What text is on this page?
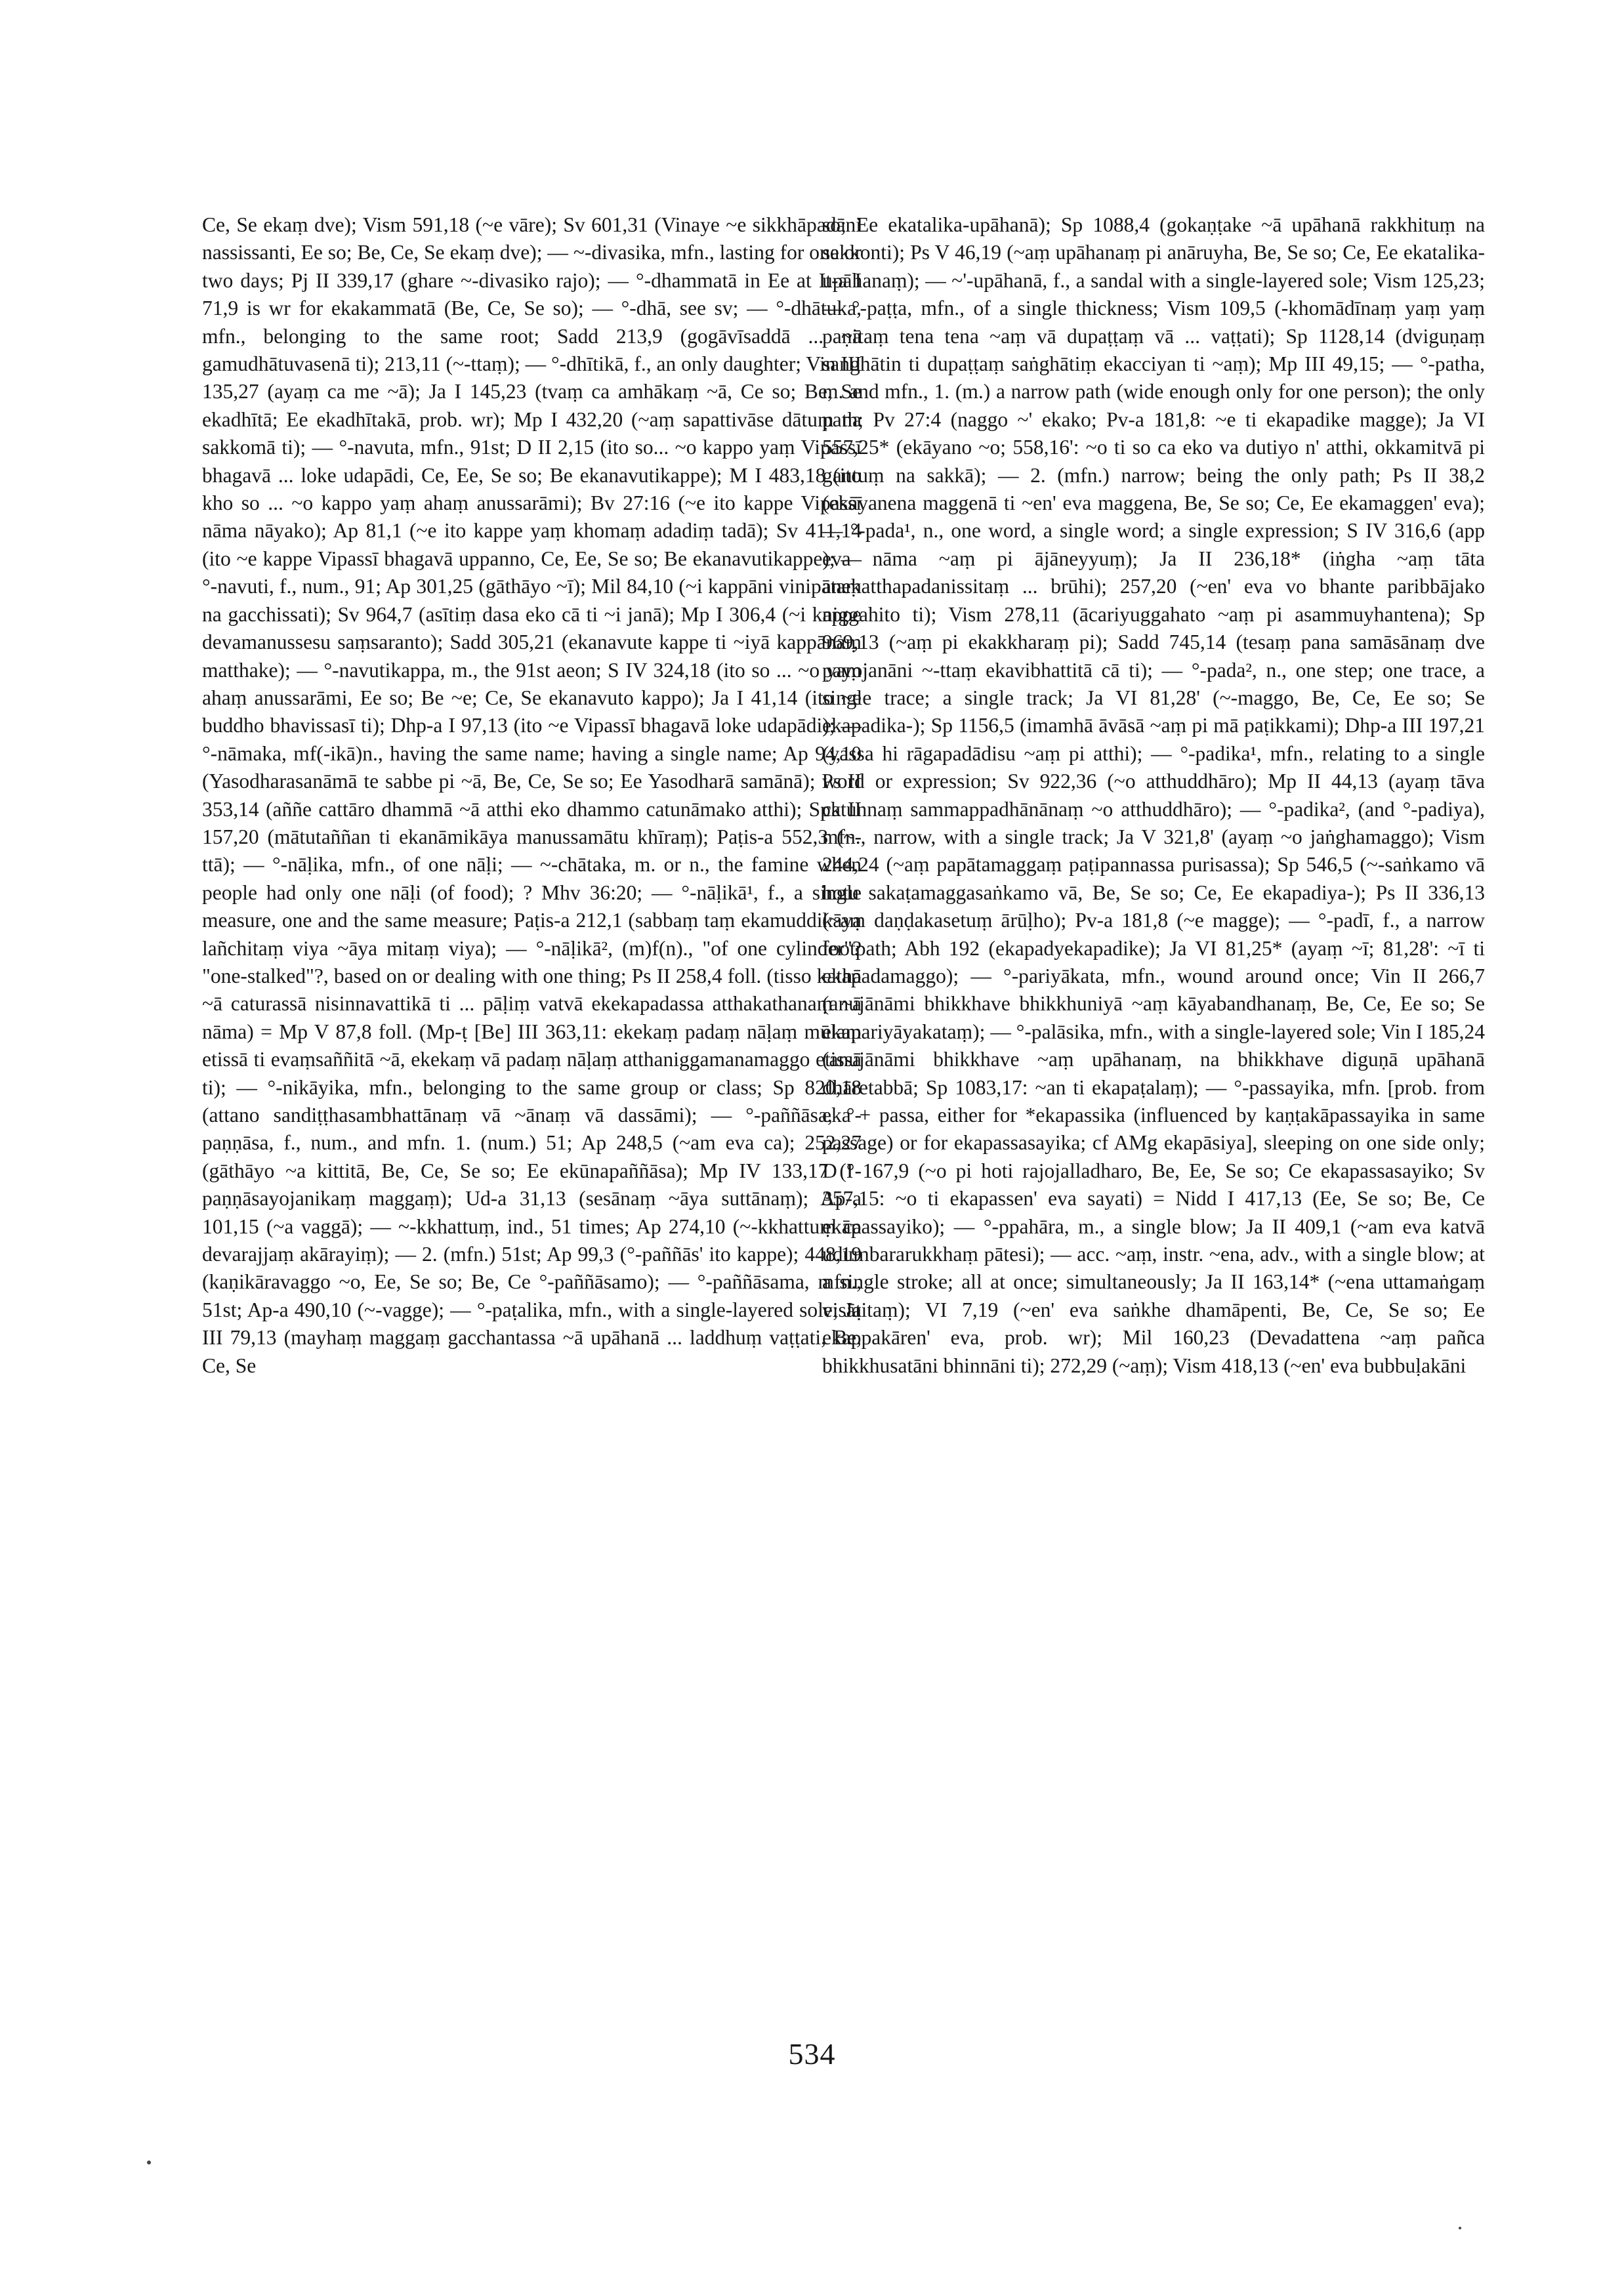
Ce, Se ekaṃ dve); Vism 591,18 (~e vāre); Sv 601,31 (Vinaye ~e sikkhāpadāni nassissanti, Ee so; Be, Ce, Se ekaṃ dve); — ~-divasika, mfn., lasting for one or two days; Pj II 339,17 (ghare ~-divasiko rajo); — °-dhammatā in Ee at It-a I 71,9 is wr for ekakammatā (Be, Ce, Se so); — °-dhā, see sv; — °-dhātuka, mfn., belonging to the same root; Sadd 213,9 (gogāvīsaddā ... ~ā gamudhātuvasenā ti); 213,11 (~-ttaṃ); — °-dhītikā, f., an only daughter; Vin III 135,27 (ayaṃ ca me ~ā); Ja I 145,23 (tvaṃ ca amhākaṃ ~ā, Ce so; Be, Se ekadhītā; Ee ekadhītakā, prob. wr); Mp I 432,20 (~aṃ sapattivāse dātuṃ na sakkomā ti); — °-navuta, mfn., 91st; D II 2,15 (ito so... ~o kappo yaṃ Vipassī bhagavā ... loke udapādi, Ce, Ee, Se so; Be ekanavutikappe); M I 483,18 (ito kho so ... ~o kappo yaṃ ahaṃ anussarāmi); Bv 27:16 (~e ito kappe Vipassī nāma nāyako); Ap 81,1 (~e ito kappe yaṃ khomaṃ adadiṃ tadā); Sv 411,14 (ito ~e kappe Vipassī bhagavā uppanno, Ce, Ee, Se so; Be ekanavutikappe); — °-navuti, f., num., 91; Ap 301,25 (gāthāyo ~ī); Mil 84,10 (~i kappāni vinipātaṃ na gacchissati); Sv 964,7 (asītiṃ dasa eko cā ti ~i janā); Mp I 306,4 (~i kappe devamanussesu saṃsaranto); Sadd 305,21 (ekanavute kappe ti ~iyā kappānaṃ matthake); — °-navutikappa, m., the 91st aeon; S IV 324,18 (ito so ... ~o yaṃ ahaṃ anussarāmi, Ee so; Be ~e; Ce, Se ekanavuto kappo); Ja I 41,14 (ito ~e buddho bhavissasī ti); Dhp-a I 97,13 (ito ~e Vipassī bhagavā loke udapādi); — °-nāmaka, mf(-ikā)n., having the same name; having a single name; Ap 94,10 (Yasodharasanāmā te sabbe pi ~ā, Be, Ce, Se so; Ee Yasodharā samānā); Ps II 353,14 (aññe cattāro dhammā ~ā atthi eko dhammo catunāmako atthi); Spk II 157,20 (mātutaññan ti ekanāmikāya manussamātu khīraṃ); Paṭis-a 552,3 (~-ttā); — °-nāḷika, mfn., of one nāḷi; — ~-chātaka, m. or n., the famine when people had only one nāḷi (of food); ? Mhv 36:20; — °-nāḷikā¹, f., a single measure, one and the same measure; Paṭis-a 212,1 (sabbaṃ taṃ ekamuddikāya lañchitaṃ viya ~āya mitaṃ viya); — °-nāḷikā², (m)f(n)., "of one cylinder"? "one-stalked"?, based on or dealing with one thing; Ps II 258,4 foll. (tisso kathā ~ā caturassā nisinnavattikā ti ... pāḷiṃ vatvā ekekapadassa atthakathanaṃ ~ā nāma) = Mp V 87,8 foll. (Mp-ṭ [Be] III 363,11: ekekaṃ padaṃ nāḷaṃ mūlaṃ etissā ti evaṃsaññitā ~ā, ekekaṃ vā padaṃ nāḷaṃ atthaniggamanamaggo etissā ti); — °-nikāyika, mfn., belonging to the same group or class; Sp 820,18 (attano sandiṭṭhasambhattānaṃ vā ~ānaṃ vā dassāmi); — °-paññāsa, °-paṇṇāsa, f., num., and mfn. 1. (num.) 51; Ap 248,5 (~am eva ca); 252,27 (gāthāyo ~a kittitā, Be, Ce, Se so; Ee ekūnapaññāsa); Mp IV 133,17 (°-paṇṇāsayojanikaṃ maggaṃ); Ud-a 31,13 (sesānaṃ ~āya suttānaṃ); Ap-a 101,15 (~a vaggā); — ~-kkhattuṃ, ind., 51 times; Ap 274,10 (~-kkhattuṃ ca devarajjaṃ akārayiṃ); — 2. (mfn.) 51st; Ap 99,3 (°-paññās' ito kappe); 448,19 (kaṇikāravaggo ~o, Ee, Se so; Be, Ce °-paññāsamo); — °-paññāsama, mfn., 51st; Ap-a 490,10 (~-vagge); — °-paṭalika, mfn., with a single-layered sole; Ja III 79,13 (mayhaṃ maggaṃ gacchantassa ~ā upāhanā ... laddhuṃ vaṭṭati, Be, Ce, Se
so; Ee ekatalika-upāhanā); Sp 1088,4 (gokaṇṭake ~ā upāhanā rakkhituṃ na sakkonti); Ps V 46,19 (~aṃ upāhanaṃ pi anāruyha, Be, Se so; Ce, Ee ekatalika-upāhanaṃ); — ~'-upāhanā, f., a sandal with a single-layered sole; Vism 125,23; — °-paṭṭa, mfn., of a single thickness; Vism 109,5 (-khomādīnaṃ yaṃ yaṃ paṇitaṃ tena tena ~aṃ vā dupaṭṭaṃ vā ... vaṭṭati); Sp 1128,14 (dviguṇaṃ saṅghātin ti dupaṭṭaṃ saṅghātiṃ ekacciyan ti ~aṃ); Mp III 49,15; — °-patha, m. and mfn., 1. (m.) a narrow path (wide enough only for one person); the only path; Pv 27:4 (naggo ~' ekako; Pv-a 181,8: ~e ti ekapadike magge); Ja VI 557,25* (ekāyano ~o; 558,16': ~o ti so ca eko va dutiyo n' atthi, okkamitvā pi gantuṃ na sakkā); — 2. (mfn.) narrow; being the only path; Ps II 38,2 (ekāyanena maggenā ti ~en' eva maggena, Be, Se so; Ce, Ee ekamaggen' eva); — °-pada¹, n., one word, a single word; a single expression; S IV 316,6 (app eva nāma ~aṃ pi ājāneyyuṃ); Ja II 236,18* (iṅgha ~aṃ tāta anekatthapadanissitaṃ ... brūhi); 257,20 (~en' eva vo bhante paribbājako niggahito ti); Vism 278,11 (ācariyuggahato ~aṃ pi asammuyhantena); Sp 969,13 (~aṃ pi ekakkharaṃ pi); Sadd 745,14 (tesaṃ pana samāsānaṃ dve payojanāni ~-ttaṃ ekavibhattitā cā ti); — °-pada², n., one step; one trace, a single trace; a single track; Ja VI 81,28' (~-maggo, Be, Ce, Ee so; Se ekapadika-); Sp 1156,5 (imamhā āvāsā ~aṃ pi mā paṭikkami); Dhp-a III 197,21 (yassa hi rāgapadādisu ~aṃ pi atthi); — °-padika¹, mfn., relating to a single word or expression; Sv 922,36 (~o atthuddhāro); Mp II 44,13 (ayaṃ tāva catunnaṃ sammappadhānānaṃ ~o atthuddhāro); — °-padika², (and °-padiya), mfn., narrow, with a single track; Ja V 321,8' (ayaṃ ~o jaṅghamaggo); Vism 244,24 (~aṃ papātamaggaṃ paṭipannassa purisassa); Sp 546,5 (~-saṅkamo vā hotu sakaṭamaggasaṅkamo vā, Be, Se so; Ce, Ee ekapadiya-); Ps II 336,13 (~aṃ daṇḍakasetuṃ ārūḷho); Pv-a 181,8 (~e magge); — °-padī, f., a narrow footpath; Abh 192 (ekapadyekapadike); Ja VI 81,25* (ayaṃ ~ī; 81,28': ~ī ti ekapadamaggo); — °-pariyākata, mfn., wound around once; Vin II 266,7 (anujānāmi bhikkhave bhikkhuniyā ~aṃ kāyabandhanaṃ, Be, Ce, Ee so; Se ekapariyāyakataṃ); — °-palāsika, mfn., with a single-layered sole; Vin I 185,24 (anujānāmi bhikkhave ~aṃ upāhanaṃ, na bhikkhave diguṇā upāhanā dhāretabbā; Sp 1083,17: ~an ti ekapaṭalaṃ); — °-passayika, mfn. [prob. from eka + passa, either for *ekapassika (influenced by kaṇṭakāpassayika in same passage) or for ekapassasayika; cf AMg ekapāsiya], sleeping on one side only; D I 167,9 (~o pi hoti rajojalladharo, Be, Ee, Se so; Ce ekapassasayiko; Sv 357,15: ~o ti ekapassen' eva sayati) = Nidd I 417,13 (Ee, Se so; Be, Ce ekāpassayiko); — °-ppahāra, m., a single blow; Ja II 409,1 (~am eva katvā udumbararukkhaṃ pātesi); — acc. ~aṃ, instr. ~ena, adv., with a single blow; at a single stroke; all at once; simultaneously; Ja II 163,14* (~ena uttamaṅgaṃ visāṭitaṃ); VI 7,19 (~en' eva saṅkhe dhamāpenti, Be, Ce, Se so; Ee ekappakāren' eva, prob. wr); Mil 160,23 (Devadattena ~aṃ pañca bhikkhusatāni bhinnāni ti); 272,29 (~aṃ); Vism 418,13 (~en' eva bubbuḷakāni
534
